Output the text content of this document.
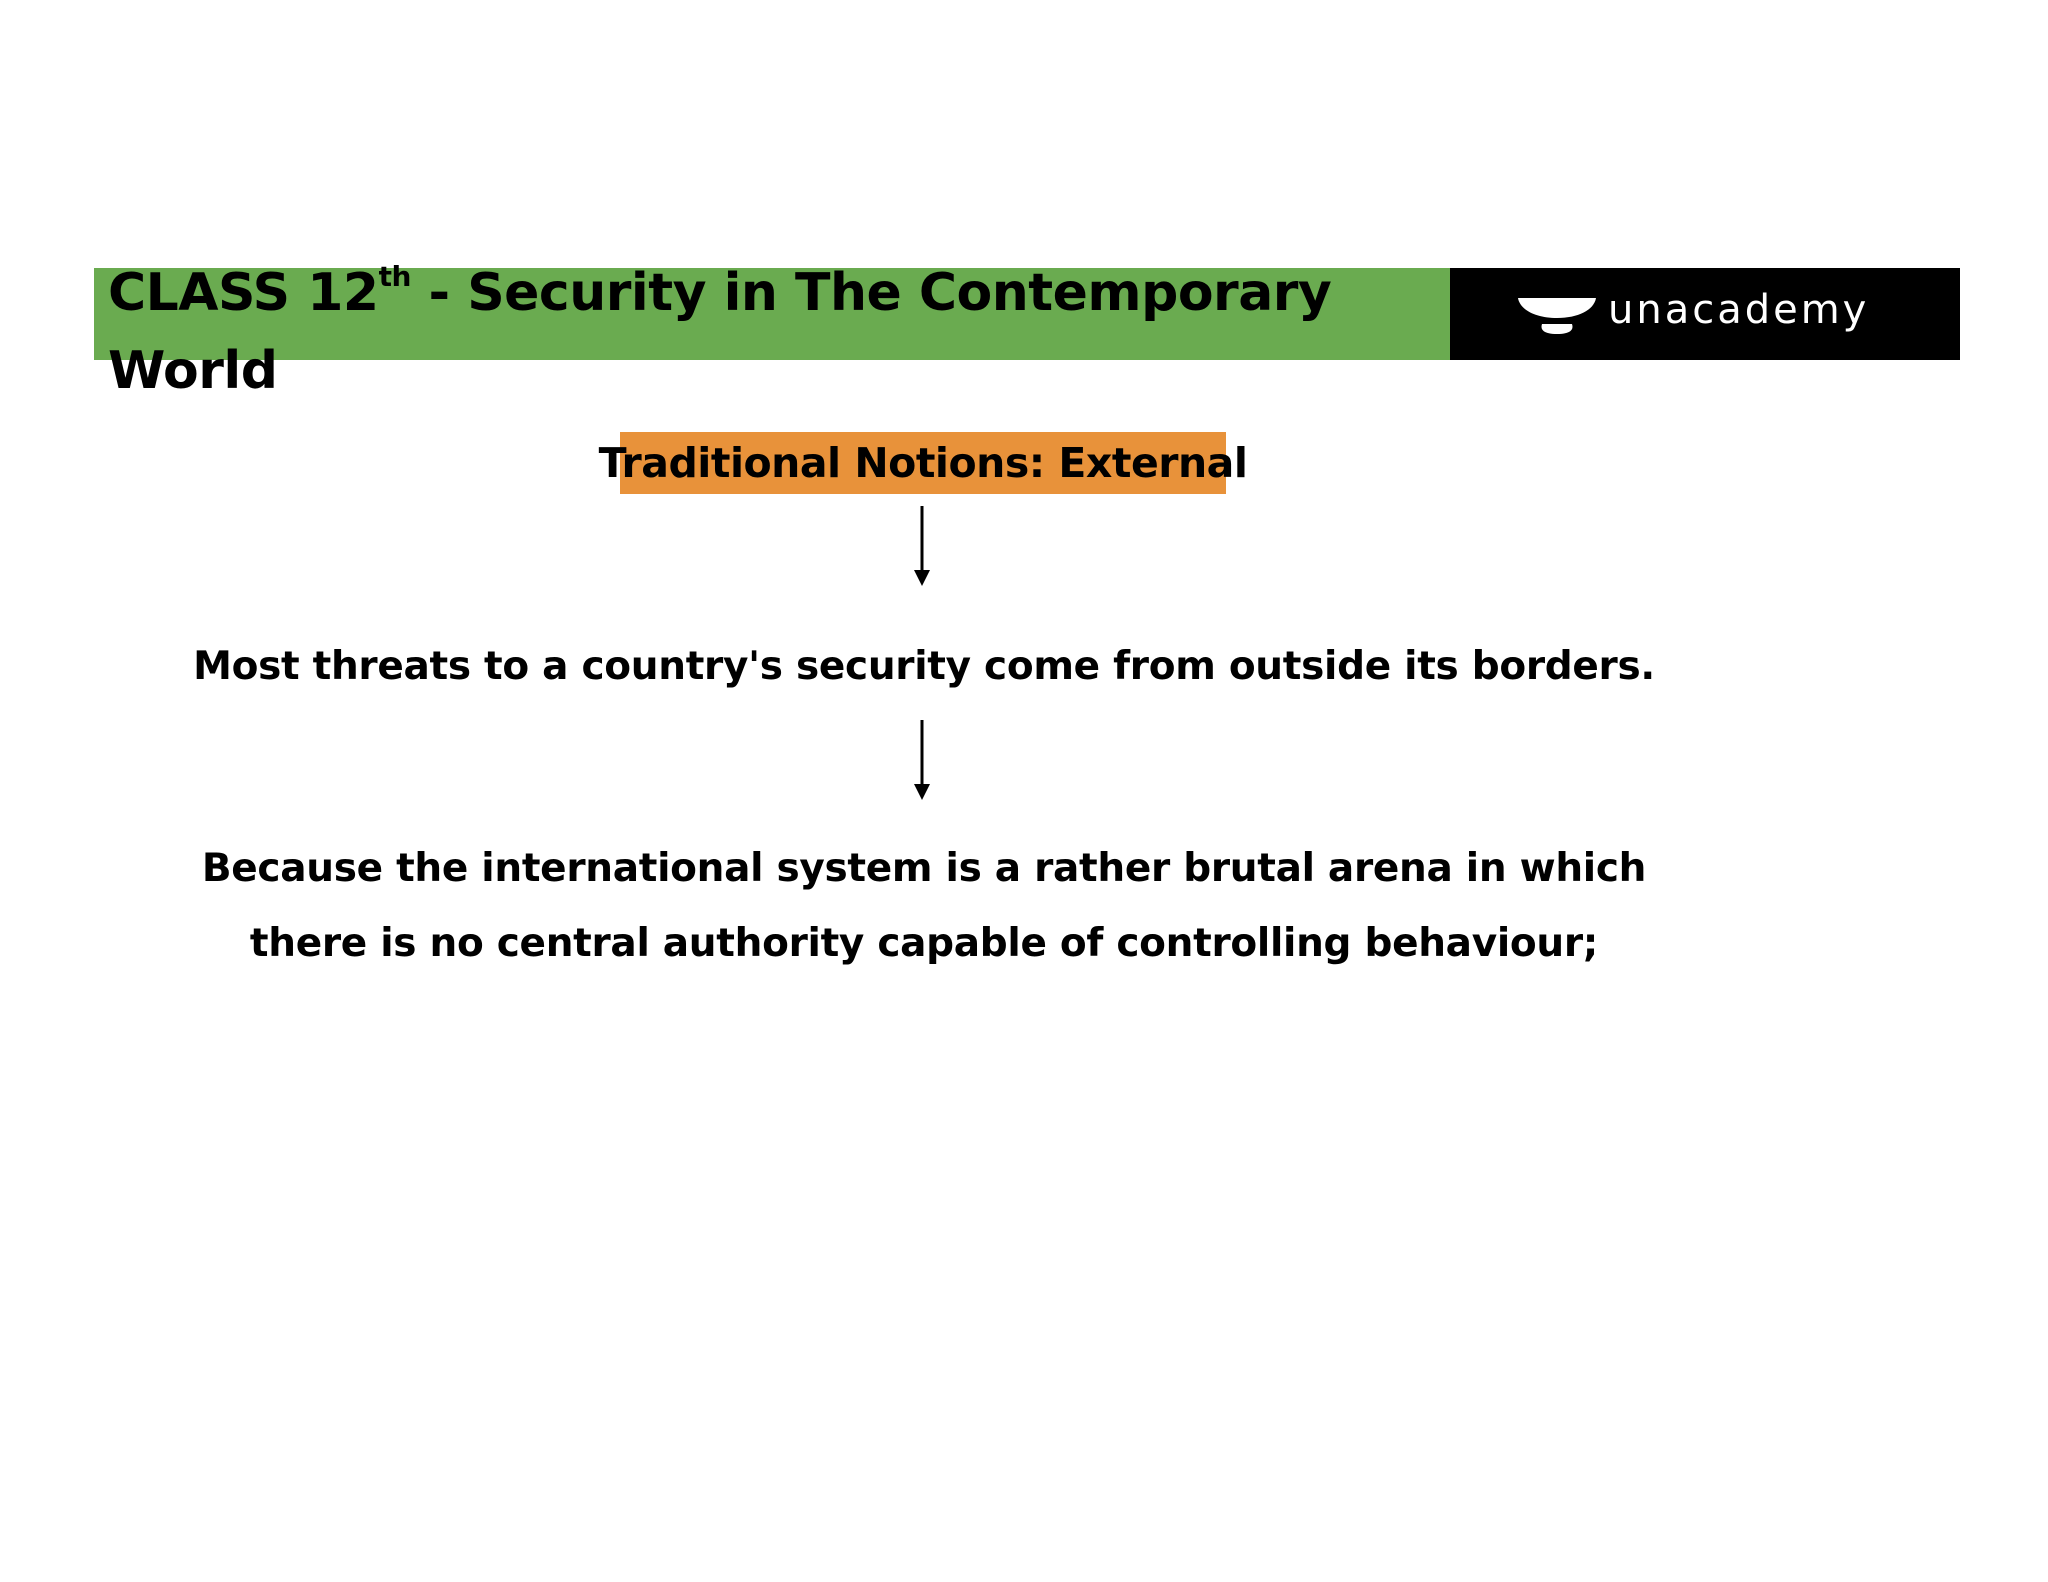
CLASS 12th - Security in The Contemporary
World
unacademy
Traditional Notions: External
Most threats to a country's security come from outside its borders.
Because the international system is a rather brutal arena in which
there is no central authority capable of controlling behaviour;
